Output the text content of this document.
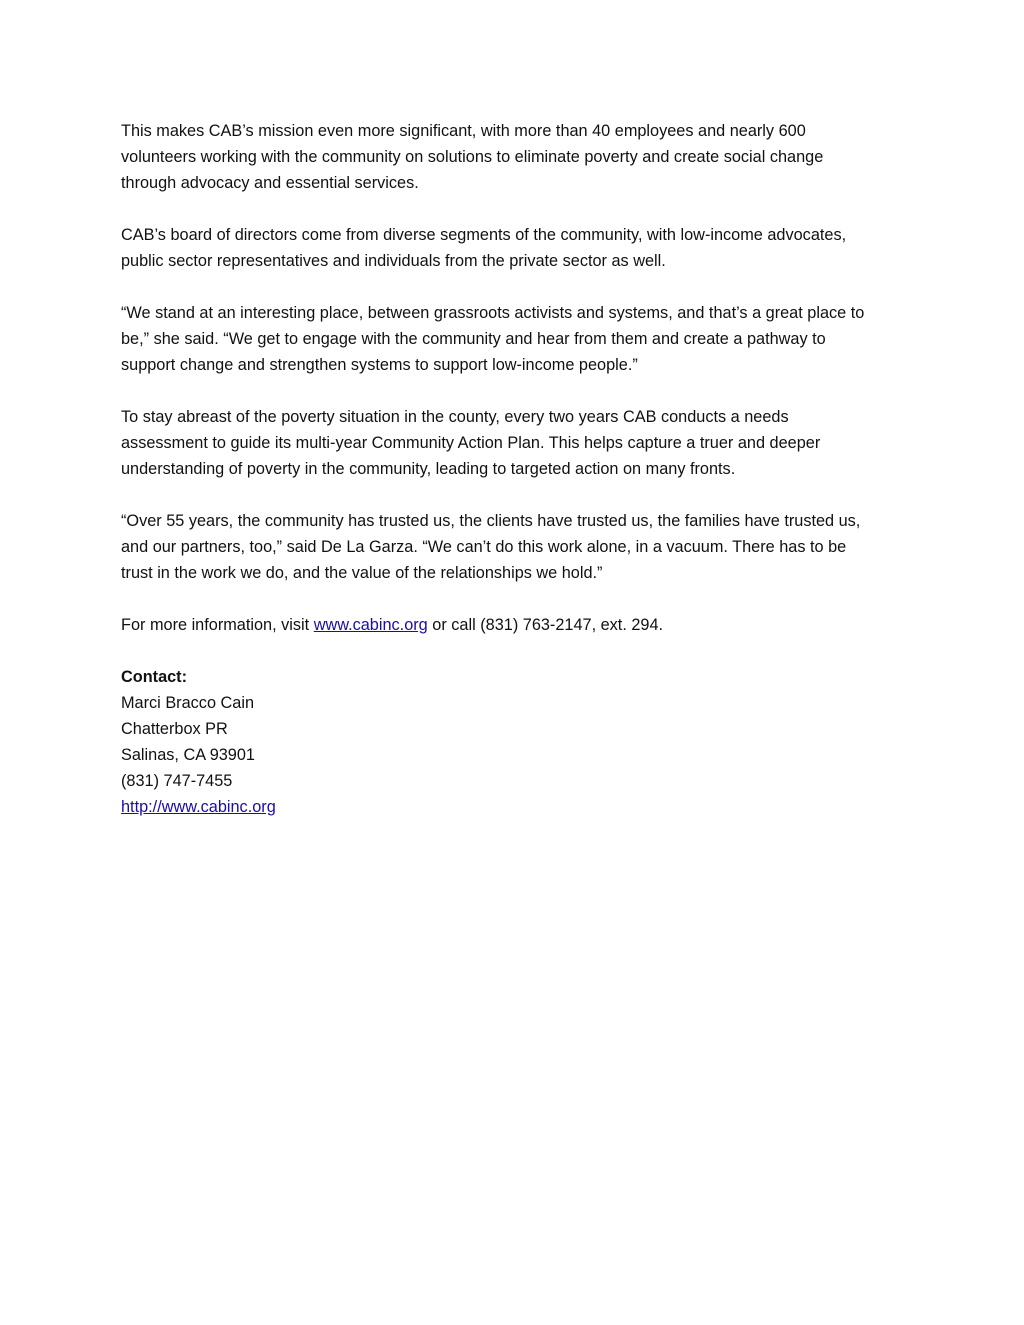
This makes CAB’s mission even more significant, with more than 40 employees and nearly 600
volunteers working with the community on solutions to eliminate poverty and create social change
through advocacy and essential services.

CAB’s board of directors come from diverse segments of the community, with low-income advocates,
public sector representatives and individuals from the private sector as well.

“We stand at an interesting place, between grassroots activists and systems, and that’s a great place to
be,” she said. “We get to engage with the community and hear from them and create a pathway to
support change and strengthen systems to support low-income people.”

To stay abreast of the poverty situation in the county, every two years CAB conducts a needs
assessment to guide its multi-year Community Action Plan. This helps capture a truer and deeper
understanding of poverty in the community, leading to targeted action on many fronts.

“Over 55 years, the community has trusted us, the clients have trusted us, the families have trusted us,
and our partners, too,” said De La Garza. “We can’t do this work alone, in a vacuum. There has to be
trust in the work we do, and the value of the relationships we hold.”

For more information, visit www.cabinc.org or call (831) 763-2147, ext. 294.

Contact:
Marci Bracco Cain
Chatterbox PR
Salinas, CA 93901
(831) 747-7455
http://www.cabinc.org
